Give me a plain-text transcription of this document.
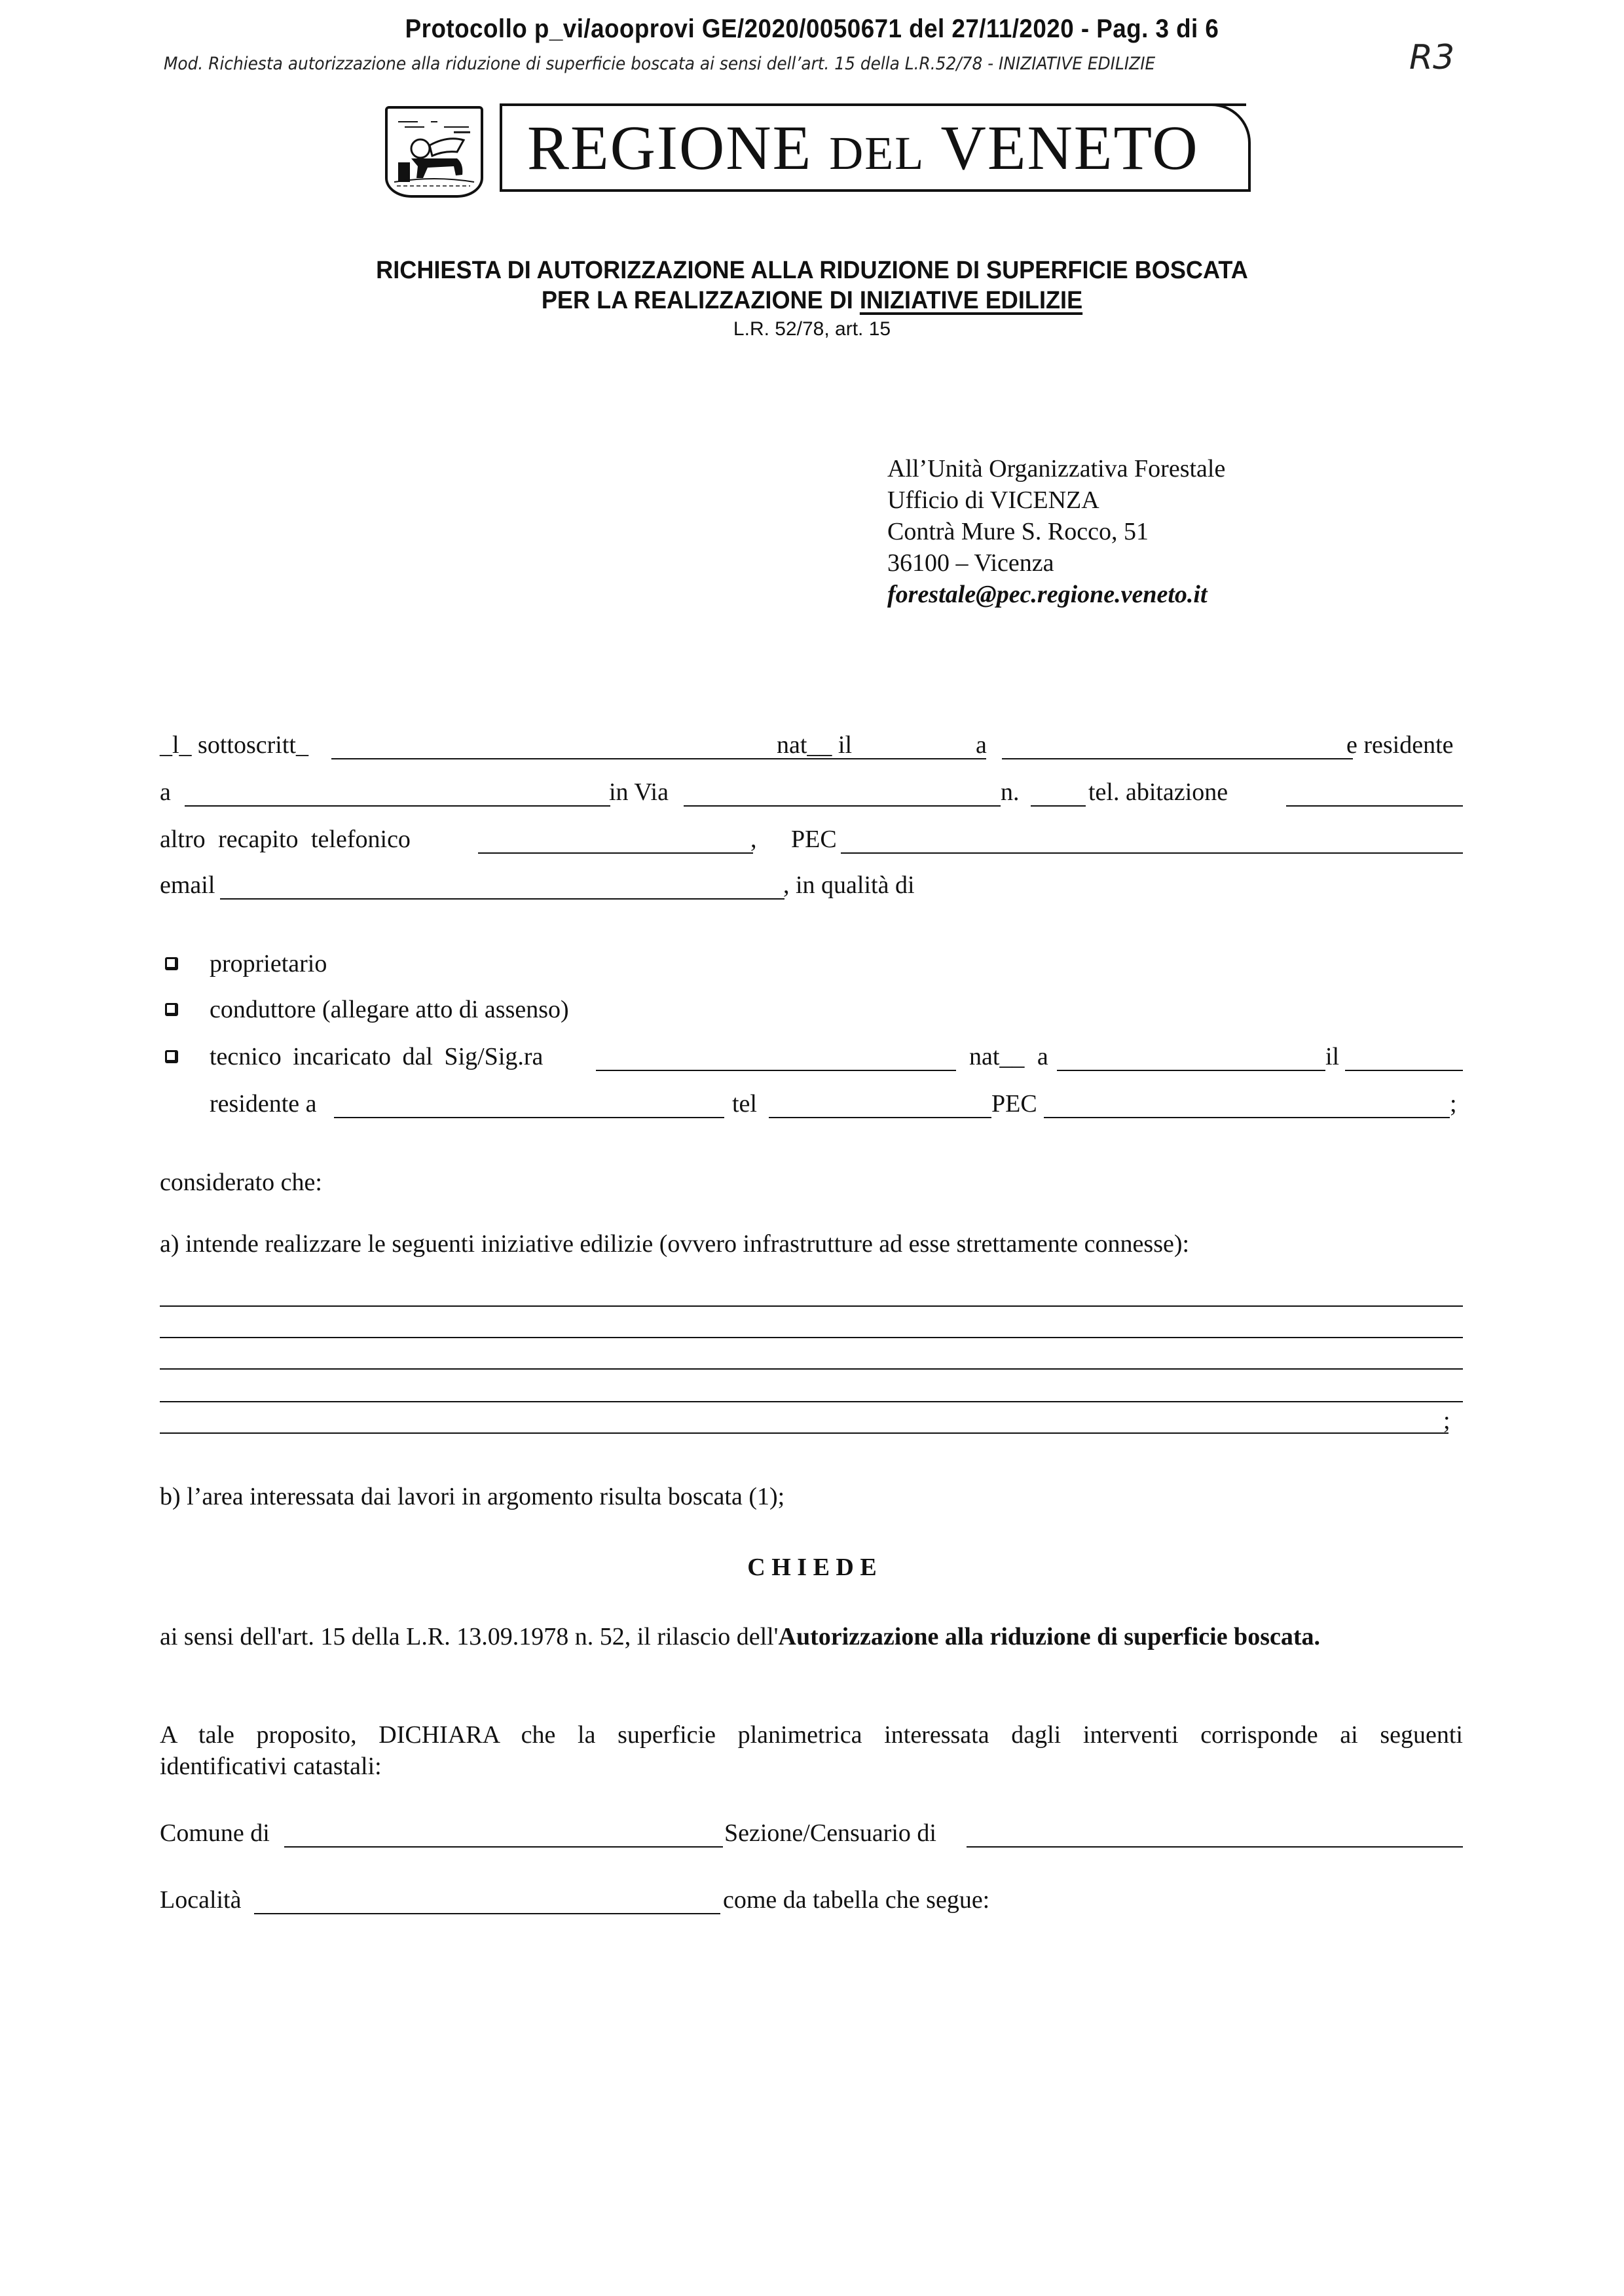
Protocollo p_vi/aooprovi GE/2020/0050671 del 27/11/2020 - Pag. 3 di 6
Mod. Richiesta autorizzazione alla riduzione di superficie boscata ai sensi dell’art. 15 della L.R.52/78 - INIZIATIVE EDILIZIE	R3
REGIONE DEL VENETO
RICHIESTA DI AUTORIZZAZIONE ALLA RIDUZIONE DI SUPERFICIE BOSCATA
PER LA REALIZZAZIONE DI INIZIATIVE EDILIZIE
L.R. 52/78, art. 15
All’Unità Organizzativa Forestale
Ufficio di VICENZA
Contrà Mure S. Rocco, 51
36100 – Vicenza
forestale@pec.regione.veneto.it
_l_ sottoscritt_	nat__ il	a	e residente
a	in Via	n.	tel. abitazione
altro recapito telefonico	, PEC
email	, in qualità di
proprietario
conduttore (allegare atto di assenso)
tecnico incaricato dal Sig/Sig.ra	nat__ a	il
residente a	tel	PEC	;
considerato che:
a) intende realizzare le seguenti iniziative edilizie (ovvero infrastrutture ad esse strettamente connesse):
;
b) l’area interessata dai lavori in argomento risulta boscata (1);
C H I E D E
ai sensi dell'art. 15 della L.R. 13.09.1978 n. 52, il rilascio dell'Autorizzazione alla riduzione di superficie boscata.
A tale proposito, DICHIARA che la superficie planimetrica interessata dagli interventi corrisponde ai seguenti
identificativi catastali:
Comune di	Sezione/Censuario di
Località	come da tabella che segue:
